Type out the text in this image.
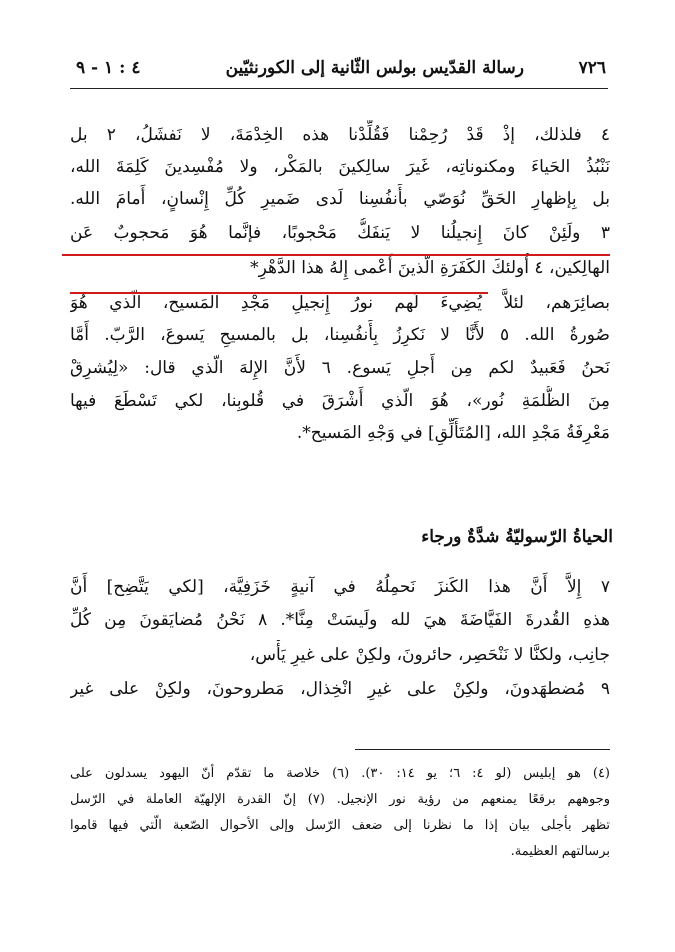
٧٢٦
رسالة القدّيس بولس الثّانية إلى الكورنثيّين
٤ : ١ - ٩
٤ فلذلك، إذْ قَدْ رُحِمْنا فَقُلِّدْنا هذه الخِدْمَةَ، لا نَفشَلُ، ٢ بل
نَنْبُذُ الحَياءَ ومكنوناتِه، غَيرَ سالِكينَ بالمَكْر، ولا مُفْسِدينَ كَلِمَةَ الله،
بل بِإظهارِ الحَقِّ نُوَصّي بأَنفُسِنا لَدى ضَميرِ كُلِّ إِنْسانٍ، أَمامَ الله.
٣ ولَئِنْ كانَ إِنجيلُنا لا يَنفَكُّ مَحْجوبًا، فإنَّما هُوَ مَحجوبٌ عَن
الهالِكين، ٤ أُولئكَ الكَفَرَةِ الّذينَ أَعْمى إِلهُ هذا الدَّهْرِ*
بصائِرَهم، لئلاَّ يُضِيءَ لَهم نورُ إِنجيلِ مَجْدِ المَسيح، الّذي هُوَ
صُورةُ الله. ٥ لأَنَّا لا نَكرِزُ بِأَنفُسِنا، بل بالمسيحِ يَسوعَ، الرَّبّ. أَمَّا
نَحنُ فَعَبيدٌ لكم مِن أَجلِ يَسوع. ٦ لأَنَّ الإِلهَ الّذي قال: «لِيُشرِقْ
مِنَ الظُّلمَةِ نُور»، هُوَ الّذي أَشْرَقَ في قُلوبِنا، لكي تَسْطَعَ فيها
مَعْرِفَةُ مَجْدِ الله، [المُتَأَلِّقِ] في وَجْهِ المَسيح*.
الحياةُ الرّسوليّةُ شدَّةٌ ورجاء
٧ إِلاَّ أَنَّ هذا الكَنزَ نَحمِلُهُ في آنيةٍ خَزَفِيَّة، [لكي يَتَّضِح] أَنَّ
هذهِ القُدرةَ الفَيَّاضَةَ هيَ لله ولَيسَتْ مِنَّا*. ٨ نَحْنُ مُضايَقونَ مِن كُلِّ
جانِب، ولكنَّا لا نَنْحَصِر، حائرونَ، ولكِنْ على غيرِ يَأْس،
٩ مُضطهَدونَ، ولكِنْ على غيرِ انْخِذال، مَطروحونَ، ولكِنْ على غير
(٤) هو إبليس (لو ٤: ٦؛ يو ١٤: ٣٠). (٦) خلاصة ما تقدّم أنّ اليهود يسدلون على
وجوههم برقعًا يمنعهم من رؤية نور الإنجيل. (٧) إنّ القدرة الإلهيّة العاملة في الرّسل
تظهر بأجلى بيان إذا ما نظرنا إلى ضعف الرّسل وإلى الأحوال الصّعبة الّتي فيها قاموا
برسالتهم العظيمة.
